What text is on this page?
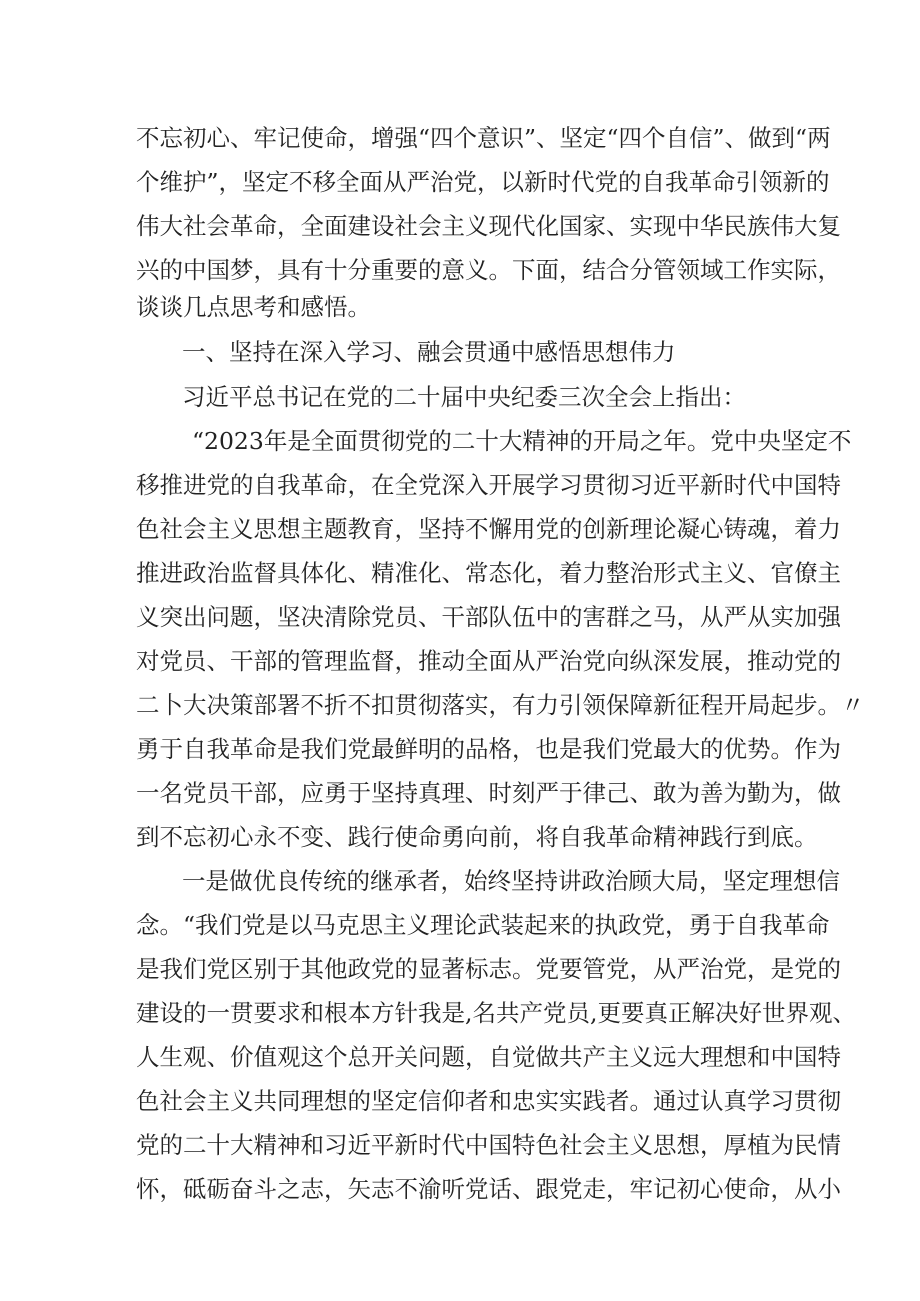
不忘初心、牢记使命，增强“四个意识”、坚定“四个自信”、做到“两
个维护”，坚定不移全面从严治党，以新时代党的自我革命引领新的
伟大社会革命，全面建设社会主义现代化国家、实现中华民族伟大复
兴的中国梦，具有十分重要的意义。下面，结合分管领域工作实际，
谈谈几点思考和感悟。
一、坚持在深入学习、融会贯通中感悟思想伟力
习近平总书记在党的二十届中央纪委三次全会上指出：
“2023年是全面贯彻党的二十大精神的开局之年。党中央坚定不
移推进党的自我革命，在全党深入开展学习贯彻习近平新时代中国特
色社会主义思想主题教育，坚持不懈用党的创新理论凝心铸魂，着力
推进政治监督具体化、精准化、常态化，着力整治形式主义、官僚主
义突出问题，坚决清除党员、干部队伍中的害群之马，从严从实加强
对党员、干部的管理监督，推动全面从严治党向纵深发展，推动党的
二卜大决策部署不折不扣贯彻落实，有力引领保障新征程开局起步。〃
勇于自我革命是我们党最鲜明的品格，也是我们党最大的优势。作为
一名党员干部，应勇于坚持真理、时刻严于律己、敢为善为勤为，做
到不忘初心永不变、践行使命勇向前，将自我革命精神践行到底。
一是做优良传统的继承者，始终坚持讲政治顾大局，坚定理想信
念。“我们党是以马克思主义理论武装起来的执政党，勇于自我革命
是我们党区别于其他政党的显著标志。党要管党，从严治党，是党的
建设的一贯要求和根本方针我是,名共产党员,更要真正解决好世界观、
人生观、价值观这个总开关问题，自觉做共产主义远大理想和中国特
色社会主义共同理想的坚定信仰者和忠实实践者。通过认真学习贯彻
党的二十大精神和习近平新时代中国特色社会主义思想，厚植为民情
怀，砥砺奋斗之志，矢志不渝听党话、跟党走，牢记初心使命，从小
